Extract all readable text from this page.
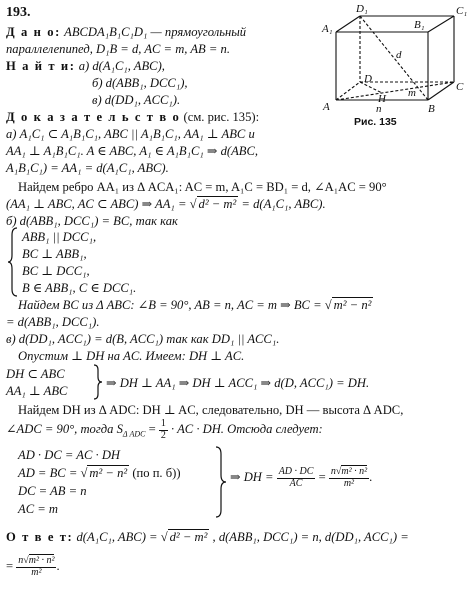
193.
Д а н о: ABCDA₁B₁C₁D₁ — прямоугольный
параллелепипед, D₁B = d, AC = m, AB = n.
Н а й т и: а) d(A₁C₁, ABC),
б) d(ABB₁, DCC₁),
в) d(DD₁, ACC₁).
Д о к а з а т е л ь с т в о (см. рис. 135):
а) A₁C₁ ⊂ A₁B₁C₁, ABC || A₁B₁C₁, AA₁ ⊥ ABC и
AA₁ ⊥ A₁B₁C₁. A ∈ ABC, A₁ ∈ A₁B₁C₁ ⇒ d(ABC,
A₁B₁C₁) = AA₁ = d(A₁C₁, ABC).
A₁
D₁	C₁
B₁
A	B
C
D
H
d
m
n
Рис. 135
Найдем ребро AA₁ из Δ ACA₁: AC = m, A₁C = BD₁ = d, ∠A₁AC = 90°
(AA₁ ⊥ ABC, AC ⊂ ABC) ⇒ AA₁ = √ d² − m² = d(A₁C₁, ABC).
б) d(ABB₁, DCC₁) = BC, так как
ABB₁ || DCC₁,
BC ⊥ ABB₁,
BC ⊥ DCC₁,
B ∈ ABB₁, C ∈ DCC₁.
Найдем BC из Δ ABC: ∠B = 90°, AB = n, AC = m ⇒ BC = √ m² − n²
= d(ABB₁, DCC₁).
в) d(DD₁, ACC₁) = d(B, ACC₁) так как DD₁ || ACC₁.
Опустим ⊥ DH на AC. Имеем: DH ⊥ AC.
DH ⊂ ABC
AA₁ ⊥ ABC
⇒ DH ⊥ AA₁ ⇒ DH ⊥ ACC₁ ⇒ d(D, ACC₁) = DH.
Найдем DH из Δ ADC: DH ⊥ AC, следовательно, DH — высота Δ ADC,
∠ADC = 90°, тогда $S_{\Delta ADC} = \frac{1}{2}$ · AC · DH. Отсюда следует:
AD · DC = AC · DH
AD = BC = √ m² − n² (по п. б))
DC = AB = n
AC = m
⇒ DH = $\frac{AD \cdot DC}{AC} = \frac{\text{n√m² · n²}}{\text{m²}}$ .
О т в е т: d(A₁C₁, ABC) = √ d² − m² , d(ABB₁, DCC₁) = n, d(DD₁, ACC₁) =
= $\frac{\text{n√m² · n²}}{\text{m²}}$ .
